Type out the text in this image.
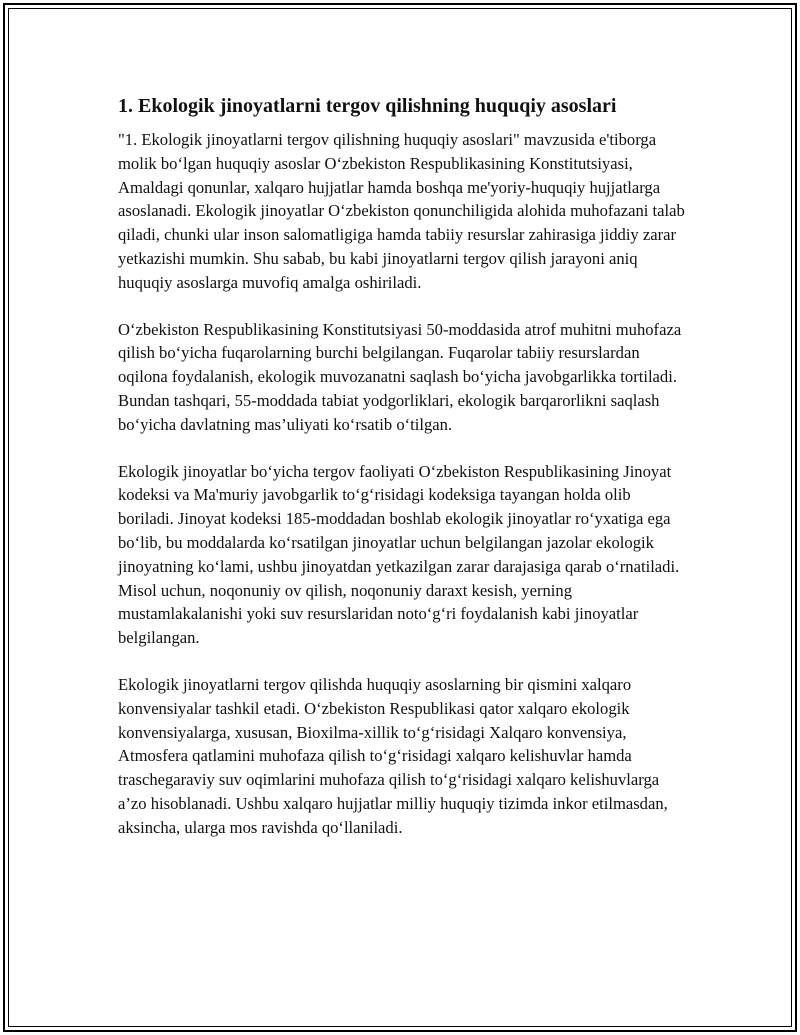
1. Ekologik jinoyatlarni tergov qilishning huquqiy asoslari

"1. Ekologik jinoyatlarni tergov qilishning huquqiy asoslari" mavzusida e'tiborga molik bo‘lgan huquqiy asoslar O‘zbekiston Respublikasining Konstitutsiyasi, Amaldagi qonunlar, xalqaro hujjatlar hamda boshqa me'yoriy-huquqiy hujjatlarga asoslanadi. Ekologik jinoyatlar O‘zbekiston qonunchiligida alohida muhofazani talab qiladi, chunki ular inson salomatligiga hamda tabiiy resurslar zahirasiga jiddiy zarar yetkazishi mumkin. Shu sabab, bu kabi jinoyatlarni tergov qilish jarayoni aniq huquqiy asoslarga muvofiq amalga oshiriladi.

O‘zbekiston Respublikasining Konstitutsiyasi 50-moddasida atrof muhitni muhofaza qilish bo‘yicha fuqarolarning burchi belgilangan. Fuqarolar tabiiy resurslardan oqilona foydalanish, ekologik muvozanatni saqlash bo‘yicha javobgarlikka tortiladi. Bundan tashqari, 55-moddada tabiat yodgorliklari, ekologik barqarorlikni saqlash bo‘yicha davlatning mas’uliyati ko‘rsatib o‘tilgan.

Ekologik jinoyatlar bo‘yicha tergov faoliyati O‘zbekiston Respublikasining Jinoyat kodeksi va Ma'muriy javobgarlik to‘g‘risidagi kodeksiga tayangan holda olib boriladi. Jinoyat kodeksi 185-moddadan boshlab ekologik jinoyatlar ro‘yxatiga ega bo‘lib, bu moddalarda ko‘rsatilgan jinoyatlar uchun belgilangan jazolar ekologik jinoyatning ko‘lami, ushbu jinoyatdan yetkazilgan zarar darajasiga qarab o‘rnatiladi. Misol uchun, noqonuniy ov qilish, noqonuniy daraxt kesish, yerning mustamlakalanishi yoki suv resurslaridan noto‘g‘ri foydalanish kabi jinoyatlar belgilangan.

Ekologik jinoyatlarni tergov qilishda huquqiy asoslarning bir qismini xalqaro konvensiyalar tashkil etadi. O‘zbekiston Respublikasi qator xalqaro ekologik konvensiyalarga, xususan, Bioxilma-xillik to‘g‘risidagi Xalqaro konvensiya, Atmosfera qatlamini muhofaza qilish to‘g‘risidagi xalqaro kelishuvlar hamda traschegaraviy suv oqimlarini muhofaza qilish to‘g‘risidagi xalqaro kelishuvlarga a’zo hisoblanadi. Ushbu xalqaro hujjatlar milliy huquqiy tizimda inkor etilmasdan, aksincha, ularga mos ravishda qo‘llaniladi.
